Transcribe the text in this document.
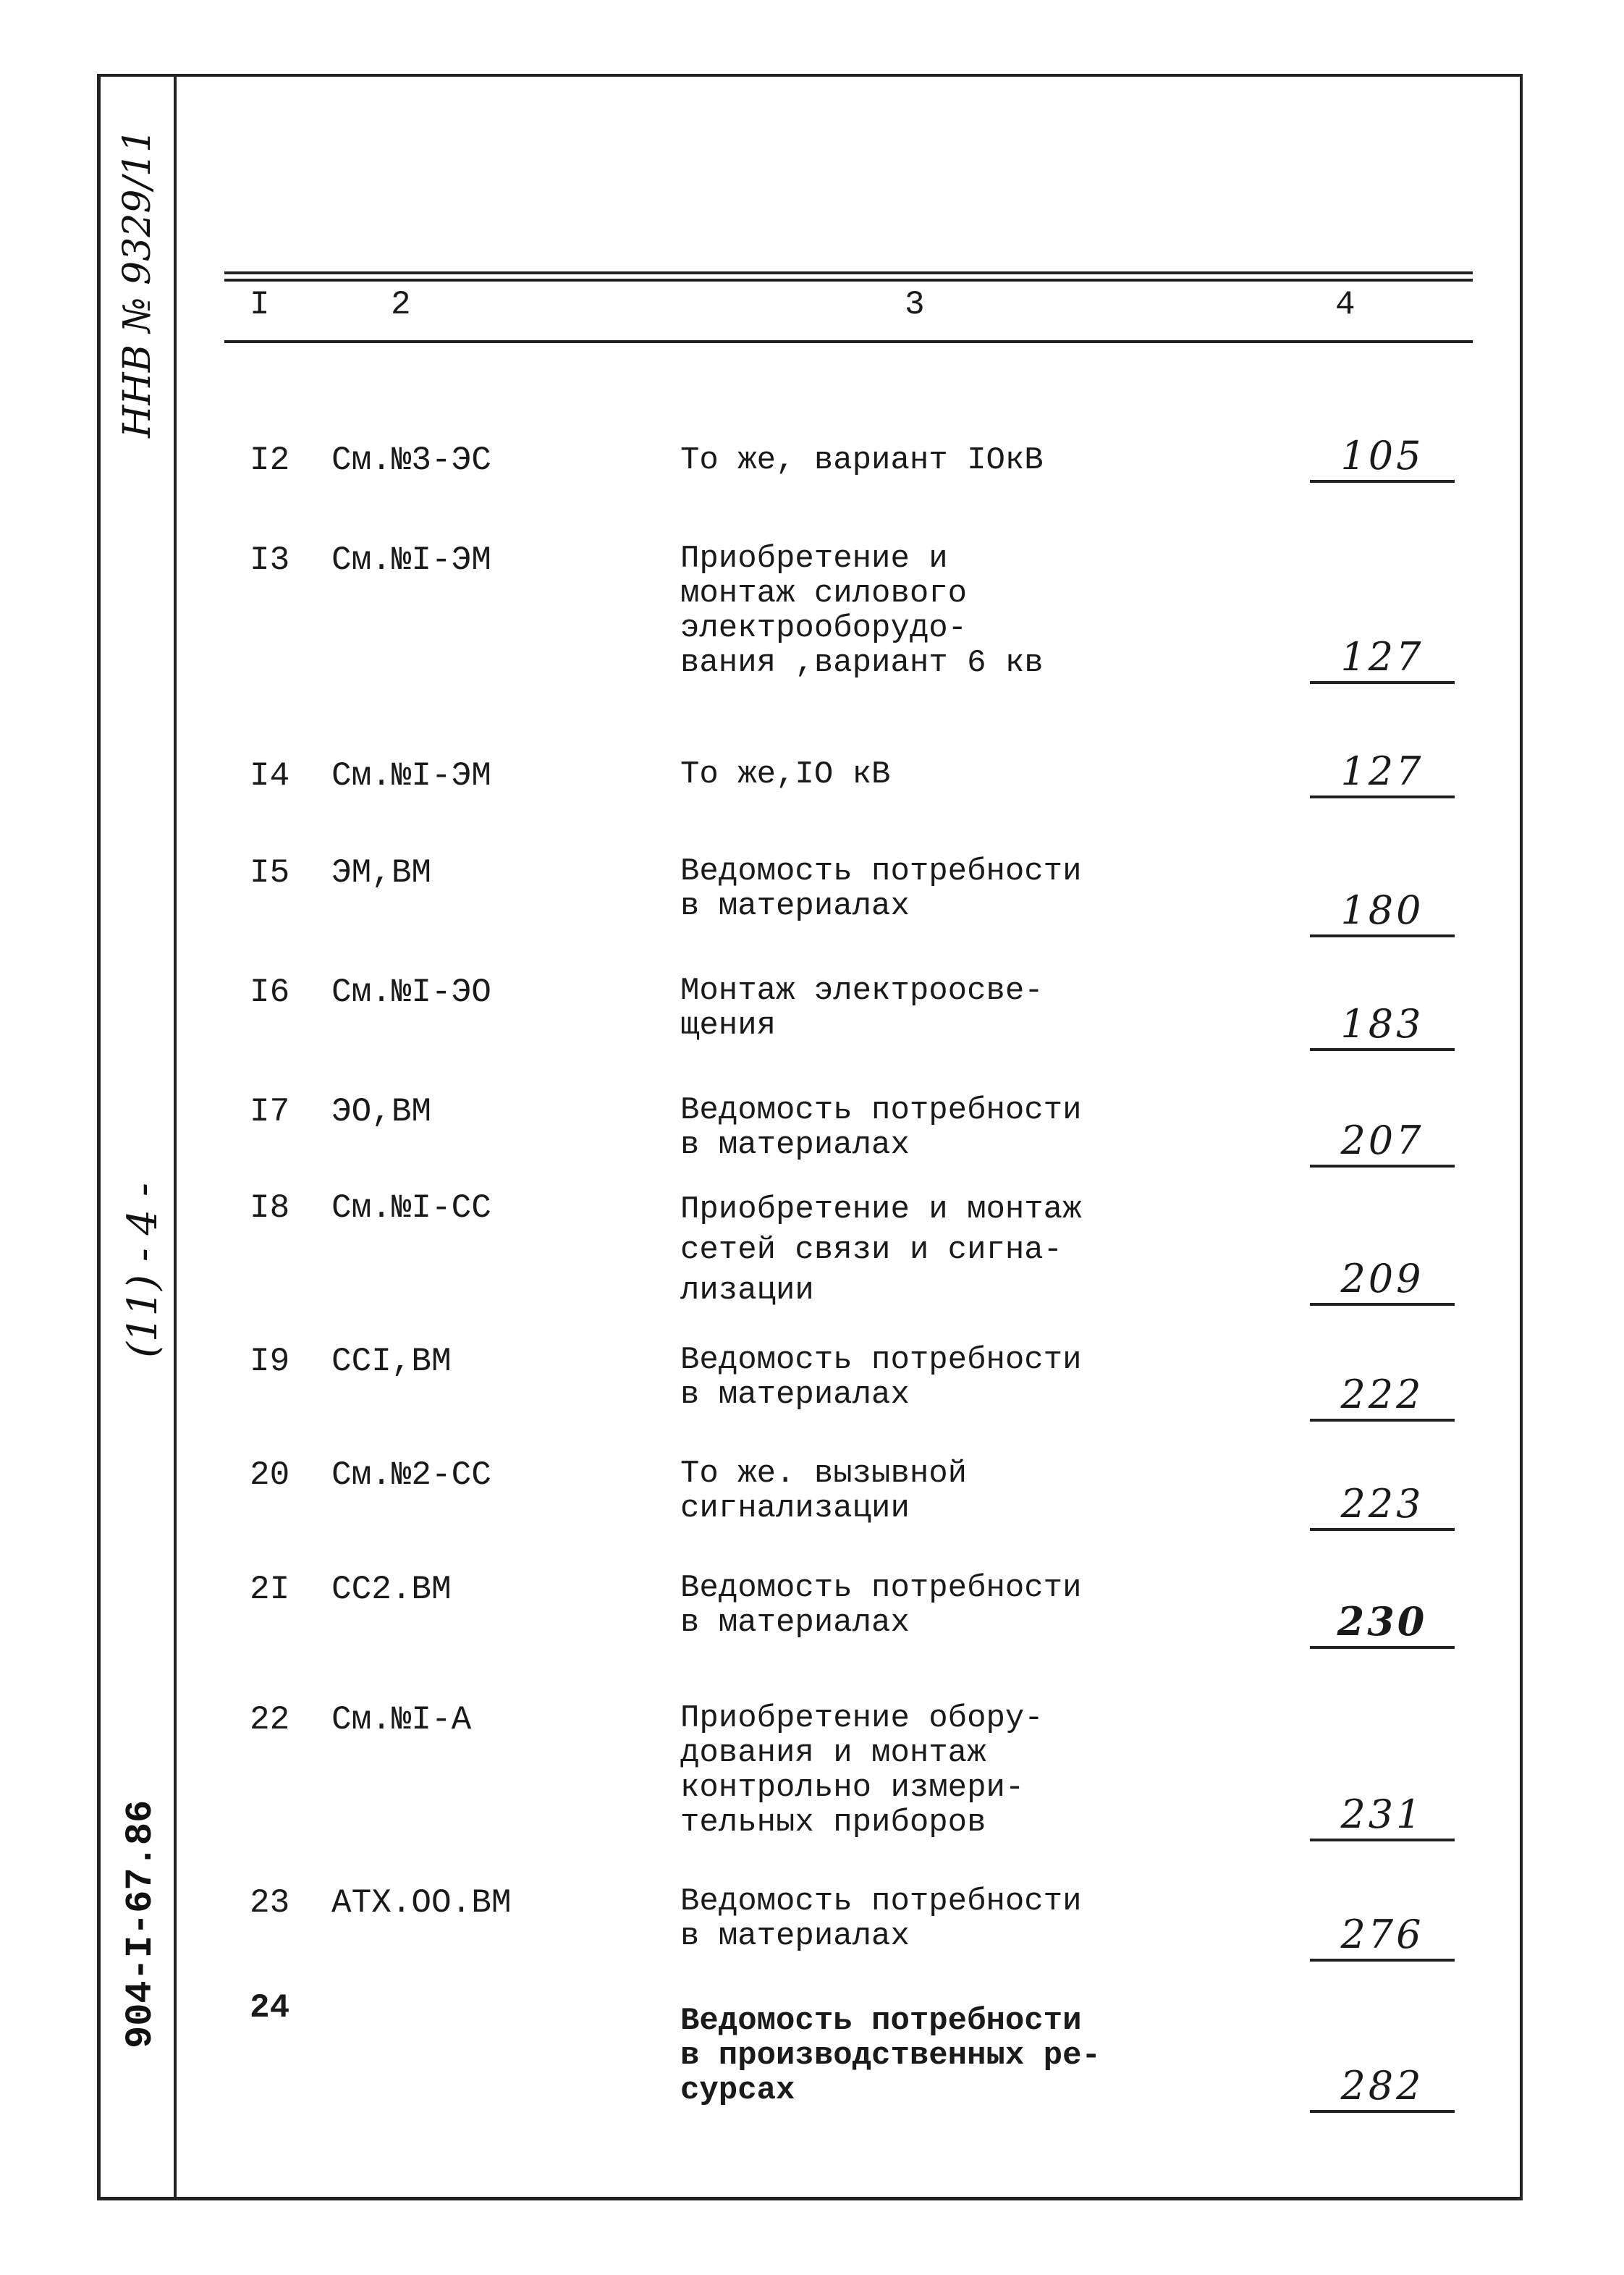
ННВ № 9329/11
(11) - 4 -
904-I-67.86
I	2	3	4
I2 См.№3-ЭС	То же, вариант IОкВ	105
I3 См.№I-ЭМ	Приобретение и
монтаж силового
электрооборудо-
вания ,вариант 6 кв	127
I4 См.№I-ЭМ	То же,IО кВ	127
I5 ЭМ,ВМ	Ведомость потребности
в материалах	180
I6 См.№I-ЭО	Монтаж электроосве-
щения	183
I7 ЭО,ВМ	Ведомость потребности
в материалах	207
I8 См.№I-СС	Приобретение и монтаж
сетей связи и сигна-
лизации	209
I9 ССI,ВМ	Ведомость потребности
в материалах	222
20 См.№2-СС	То же. вызывной
сигнализации	223
2I СС2.ВМ	Ведомость потребности
в материалах	230
22 См.№I-А	Приобретение обору-
дования и монтаж
контрольно измери-
тельных приборов	231
23 АТХ.ОО.ВМ	Ведомость потребности
в материалах	276
24	Ведомость потребности
в производственных ре-
сурсах	282
